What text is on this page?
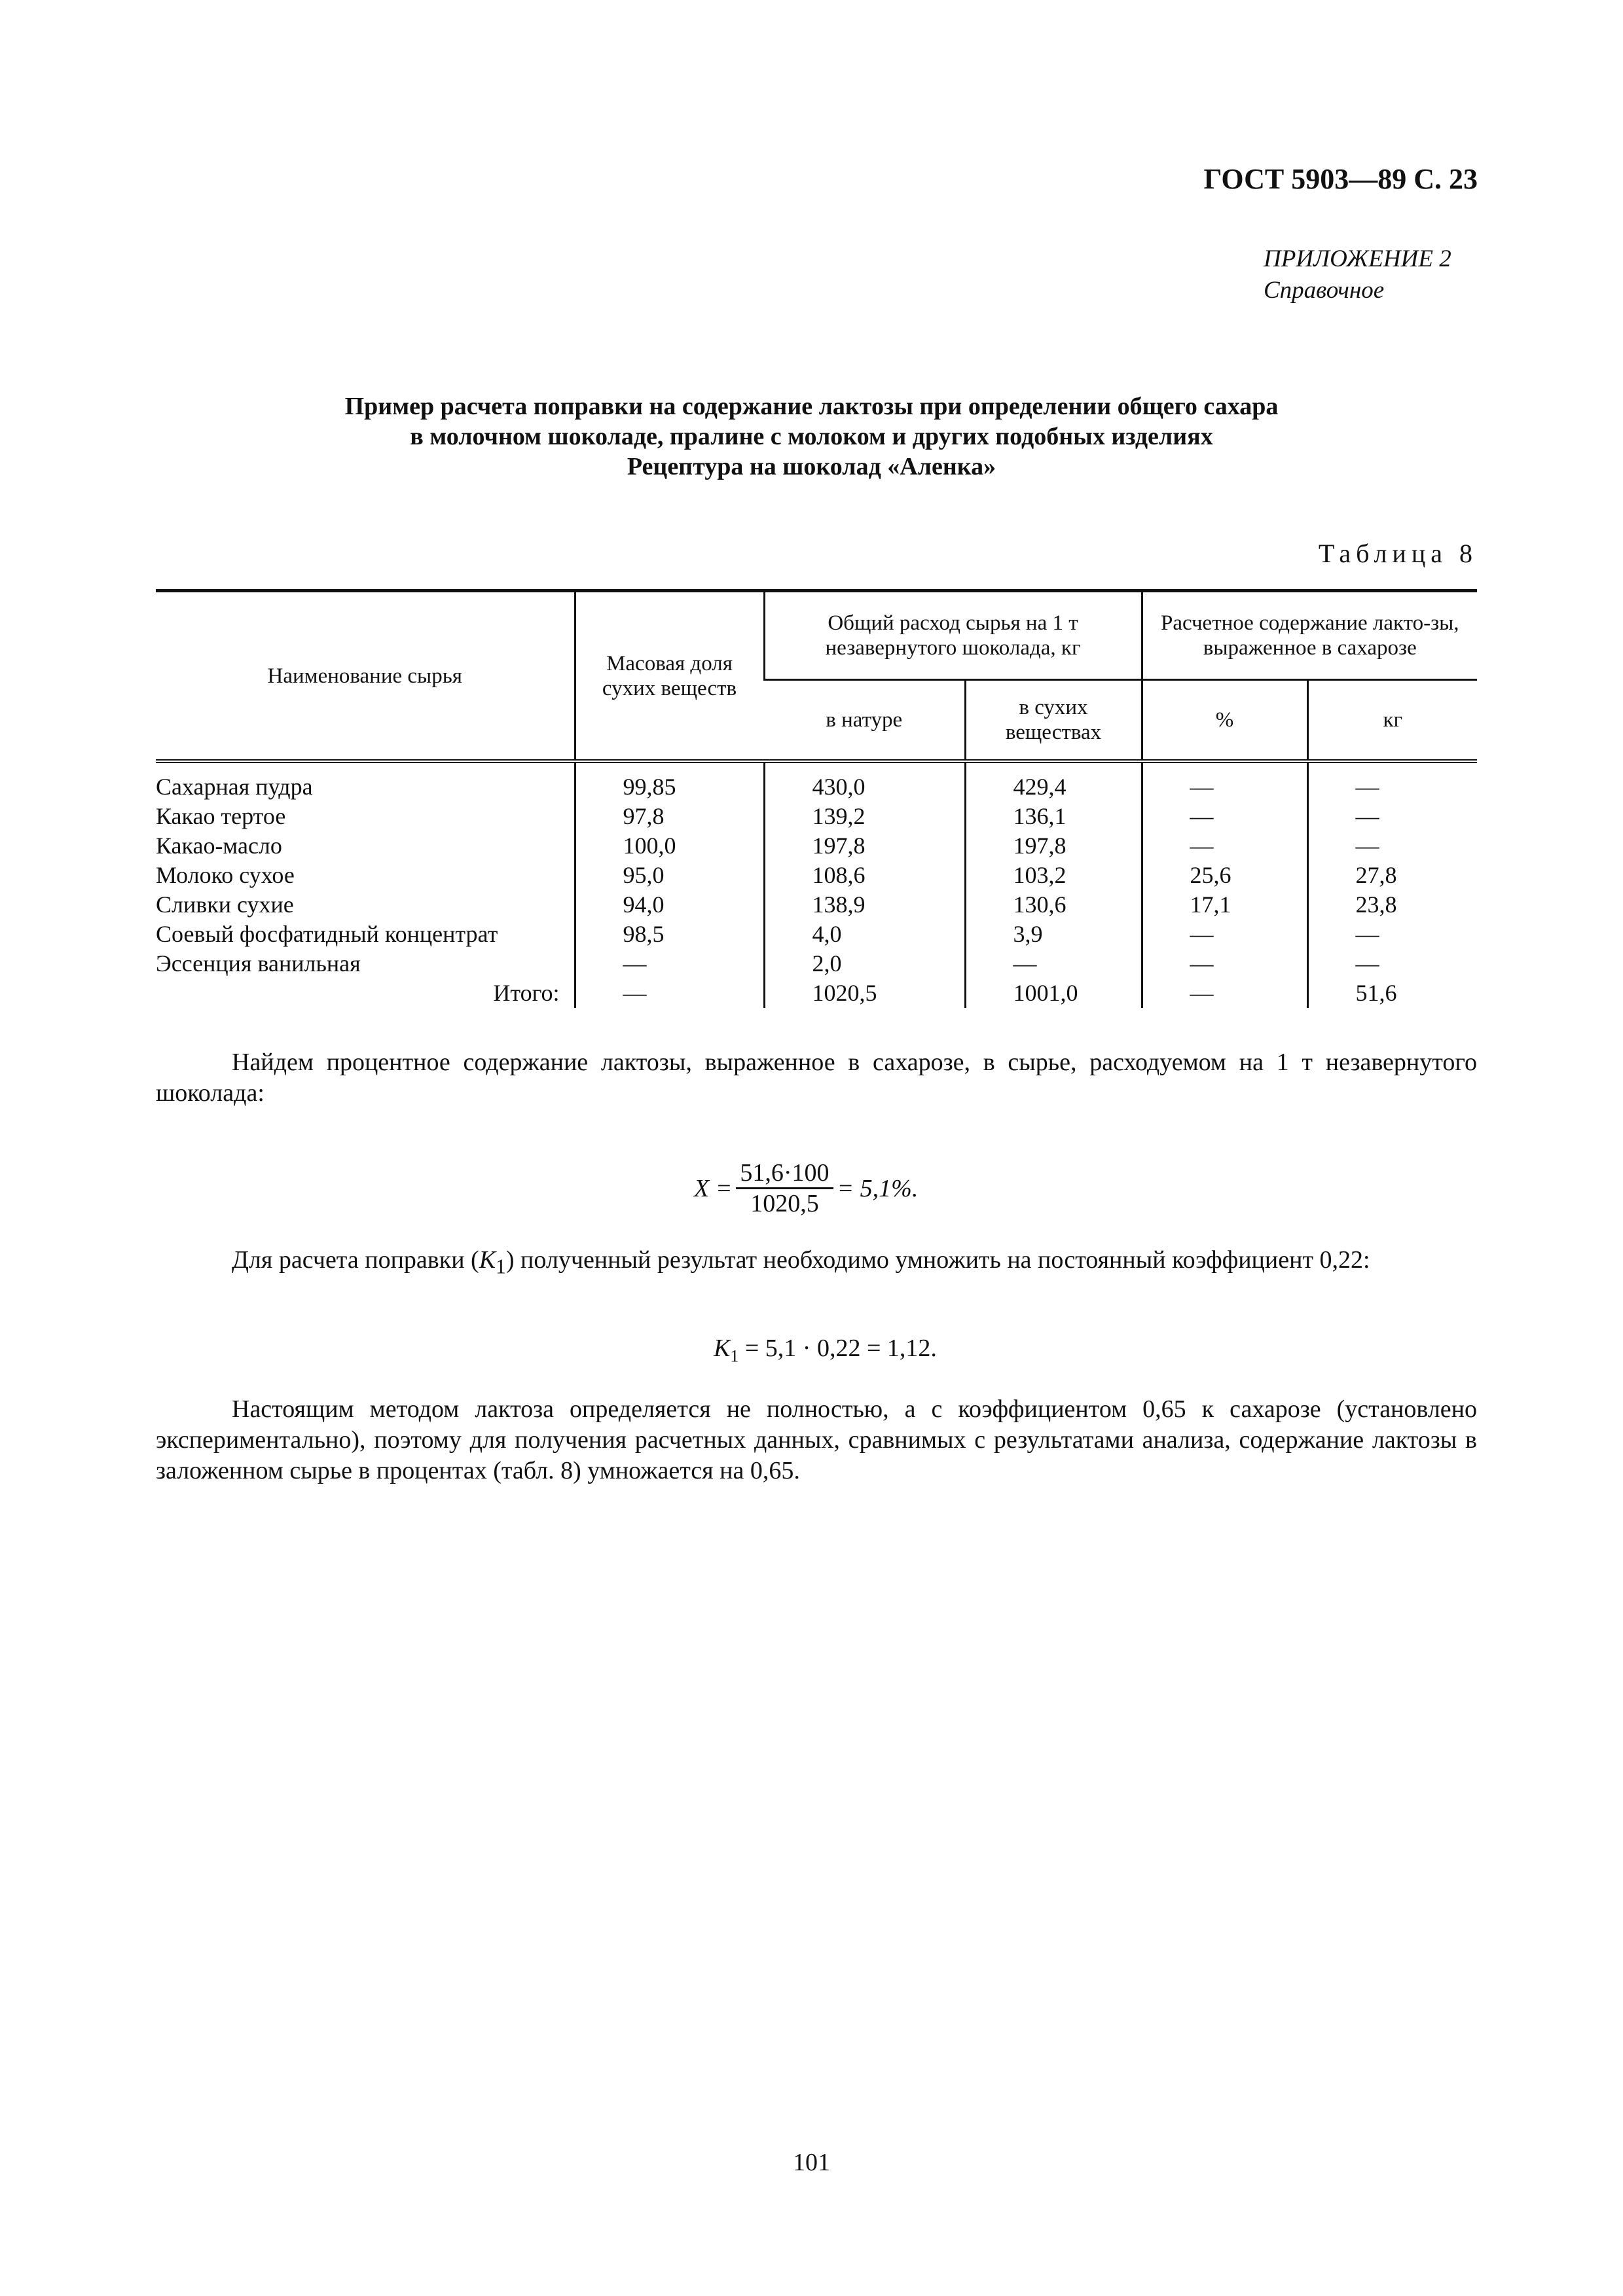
ГОСТ 5903—89 С. 23
ПРИЛОЖЕНИЕ 2
Справочное
Пример расчета поправки на содержание лактозы при определении общего сахара
в молочном шоколаде, пралине с молоком и других подобных изделиях
Рецептура на шоколад «Аленка»
Таблица 8
Наименование сырья	Масовая доля сухих веществ	Общий расход сырья на 1 т незавернутого шоколада, кг		Расчетное содержание лакто-зы, выраженное в сахарозе	
		в натуре	в сухих веществах	%	кг
Сахарная пудра	99,85	430,0	429,4	—	—
Какао тертое	97,8	139,2	136,1	—	—
Какао-масло	100,0	197,8	197,8	—	—
Молоко сухое	95,0	108,6	103,2	25,6	27,8
Сливки сухие	94,0	138,9	130,6	17,1	23,8
Соевый фосфатидный концентрат	98,5	4,0	3,9	—	—
Эссенция ванильная	—	2,0	—	—	—
Итого:	—	1020,5	1001,0	—	51,6
Найдем процентное содержание лактозы, выраженное в сахарозе, в сырье, расходуемом на 1 т незавернутого шоколада:
$X = \frac{51,6\cdot 100}{1020,5} = 5,1\%$.
Для расчета поправки $(K_1)$ полученный результат необходимо умножить на постоянный коэффициент 0,22:
$K_1 = 5,1 \cdot 0,22 = 1,12$.
Настоящим методом лактоза определяется не полностью, а с коэффициентом 0,65 к сахарозе (установлено экспериментально), поэтому для получения расчетных данных, сравнимых с результатами анализа, содержание лактозы в заложенном сырье в процентах (табл. 8) умножается на 0,65.
101
